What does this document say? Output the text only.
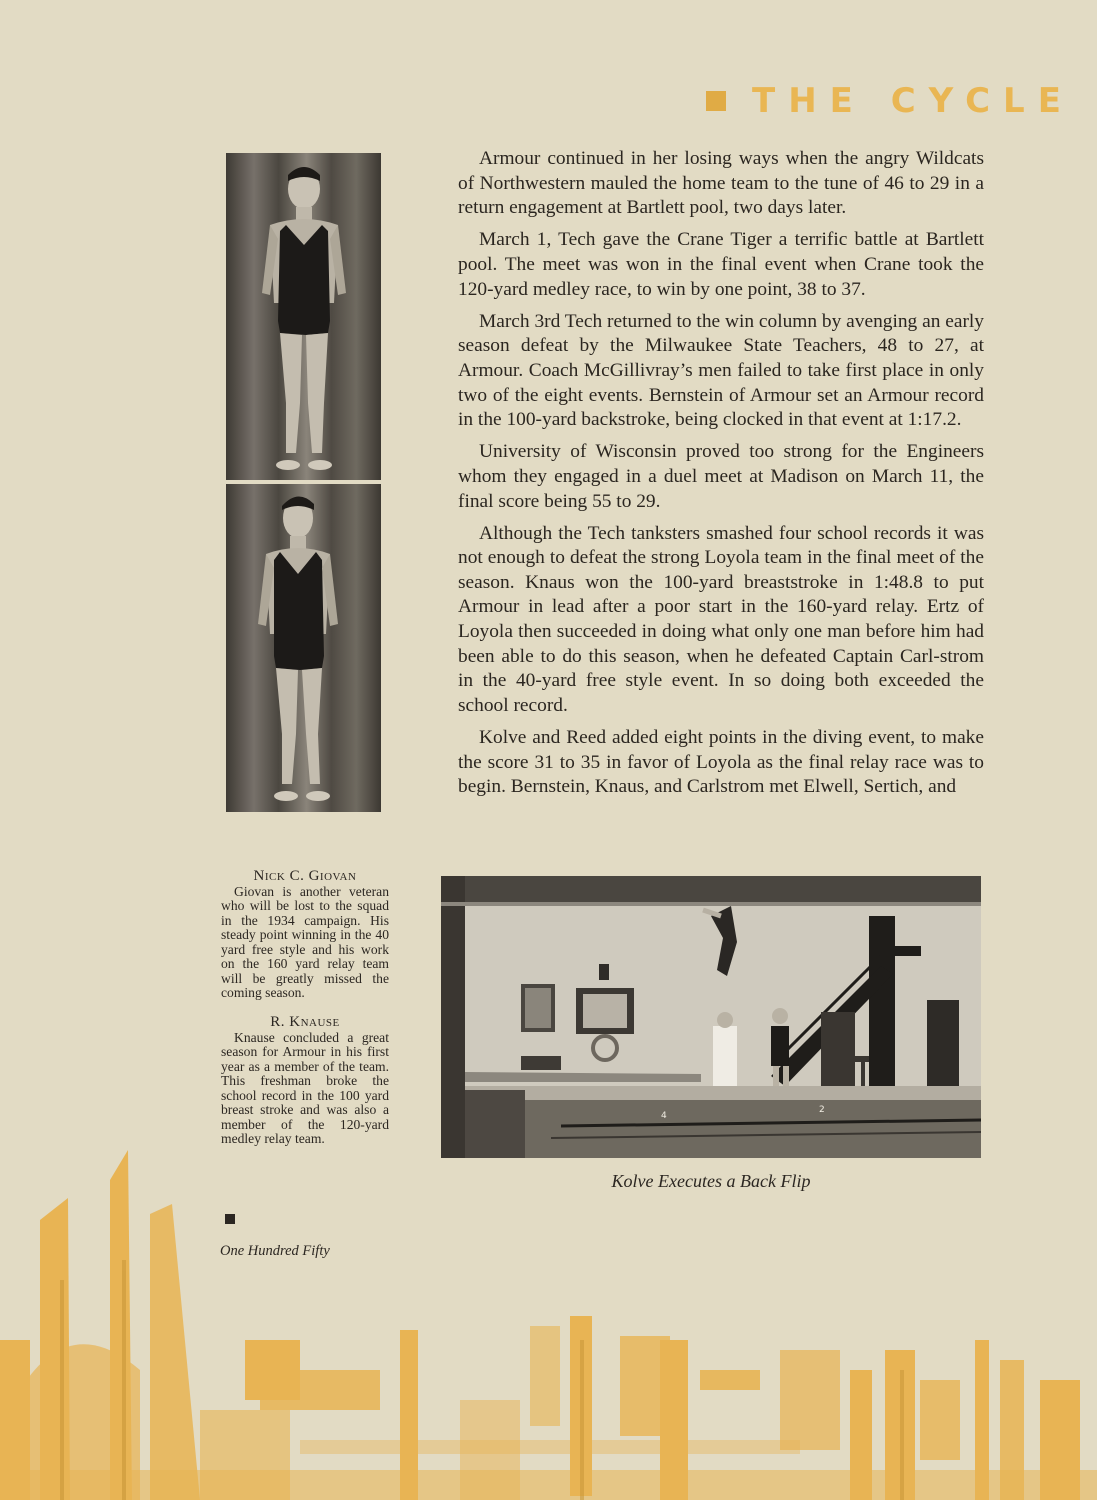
THE CYCLE

Armour continued in her losing ways when the angry Wildcats of Northwestern mauled the home team to the tune of 46 to 29 in a return engagement at Bartlett pool, two days later.

March 1, Tech gave the Crane Tiger a terrific battle at Bartlett pool. The meet was won in the final event when Crane took the 120-yard medley race, to win by one point, 38 to 37.

March 3rd Tech returned to the win column by avenging an early season defeat by the Milwaukee State Teachers, 48 to 27, at Armour. Coach McGillivray’s men failed to take first place in only two of the eight events. Bernstein of Armour set an Armour record in the 100-yard backstroke, being clocked in that event at 1:17.2.

University of Wisconsin proved too strong for the Engineers whom they engaged in a duel meet at Madison on March 11, the final score being 55 to 29.

Although the Tech tanksters smashed four school records it was not enough to defeat the strong Loyola team in the final meet of the season. Knaus won the 100-yard breaststroke in 1:48.8 to put Armour in lead after a poor start in the 160-yard relay. Ertz of Loyola then succeeded in doing what only one man before him had been able to do this season, when he defeated Captain Carl-strom in the 40-yard free style event. In so doing both exceeded the school record.

Kolve and Reed added eight points in the diving event, to make the score 31 to 35 in favor of Loyola as the final relay race was to begin. Bernstein, Knaus, and Carlstrom met Elwell, Sertich, and

Nick C. Giovan
Giovan is another veteran who will be lost to the squad in the 1934 campaign. His steady point winning in the 40 yard free style and his work on the 160 yard relay team will be greatly missed the coming season.
R. Knause
Knause concluded a great season for Armour in his first year as a member of the team. This freshman broke the school record in the 100 yard breast stroke and was also a member of the 120-yard medley relay team.
4
2
Kolve Executes a Back Flip
One Hundred Fifty
